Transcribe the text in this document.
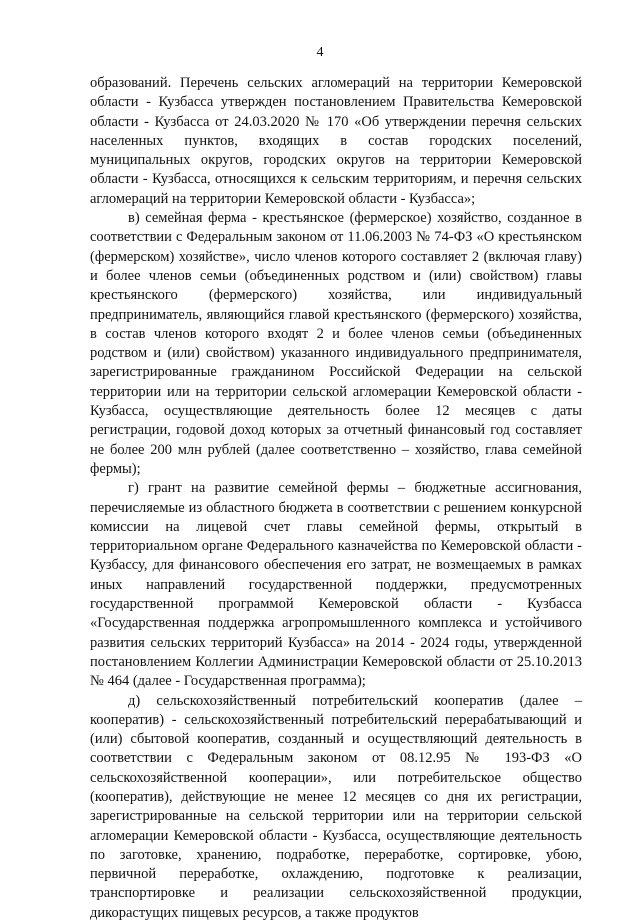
4

образований. Перечень сельских агломераций на территории Кемеровской области - Кузбасса утвержден постановлением Правительства Кемеровской области - Кузбасса от 24.03.2020 № 170 «Об утверждении перечня сельских населенных пунктов, входящих в состав городских поселений, муниципальных округов, городских округов на территории Кемеровской области - Кузбасса, относящихся к сельским территориям, и перечня сельских агломераций на территории Кемеровской области - Кузбасса»;

в) семейная ферма - крестьянское (фермерское) хозяйство, созданное в соответствии с Федеральным законом от 11.06.2003 № 74-ФЗ «О крестьянском (фермерском) хозяйстве», число членов которого составляет 2 (включая главу) и более членов семьи (объединенных родством и (или) свойством) главы крестьянского (фермерского) хозяйства, или индивидуальный предприниматель, являющийся главой крестьянского (фермерского) хозяйства, в состав членов которого входят 2 и более членов семьи (объединенных родством и (или) свойством) указанного индивидуального предпринимателя, зарегистрированные гражданином Российской Федерации на сельской территории или на территории сельской агломерации Кемеровской области - Кузбасса, осуществляющие деятельность более 12 месяцев с даты регистрации, годовой доход которых за отчетный финансовый год составляет не более 200 млн рублей (далее соответственно – хозяйство, глава семейной фермы);

г) грант на развитие семейной фермы – бюджетные ассигнования, перечисляемые из областного бюджета в соответствии с решением конкурсной комиссии на лицевой счет главы семейной фермы, открытый в территориальном органе Федерального казначейства по Кемеровской области - Кузбассу, для финансового обеспечения его затрат, не возмещаемых в рамках иных направлений государственной поддержки, предусмотренных государственной программой Кемеровской области - Кузбасса «Государственная поддержка агропромышленного комплекса и устойчивого развития сельских территорий Кузбасса» на 2014 - 2024 годы, утвержденной постановлением Коллегии Администрации Кемеровской области от 25.10.2013 № 464 (далее - Государственная программа);

д) сельскохозяйственный потребительский кооператив (далее – кооператив) - сельскохозяйственный потребительский перерабатывающий и (или) сбытовой кооператив, созданный и осуществляющий деятельность в соответствии с Федеральным законом от 08.12.95 № 193-ФЗ «О сельскохозяйственной кооперации», или потребительское общество (кооператив), действующие не менее 12 месяцев со дня их регистрации, зарегистрированные на сельской территории или на территории сельской агломерации Кемеровской области - Кузбасса, осуществляющие деятельность по заготовке, хранению, подработке, переработке, сортировке, убою, первичной переработке, охлаждению, подготовке к реализации, транспортировке и реализации сельскохозяйственной продукции, дикорастущих пищевых ресурсов, а также продуктов
